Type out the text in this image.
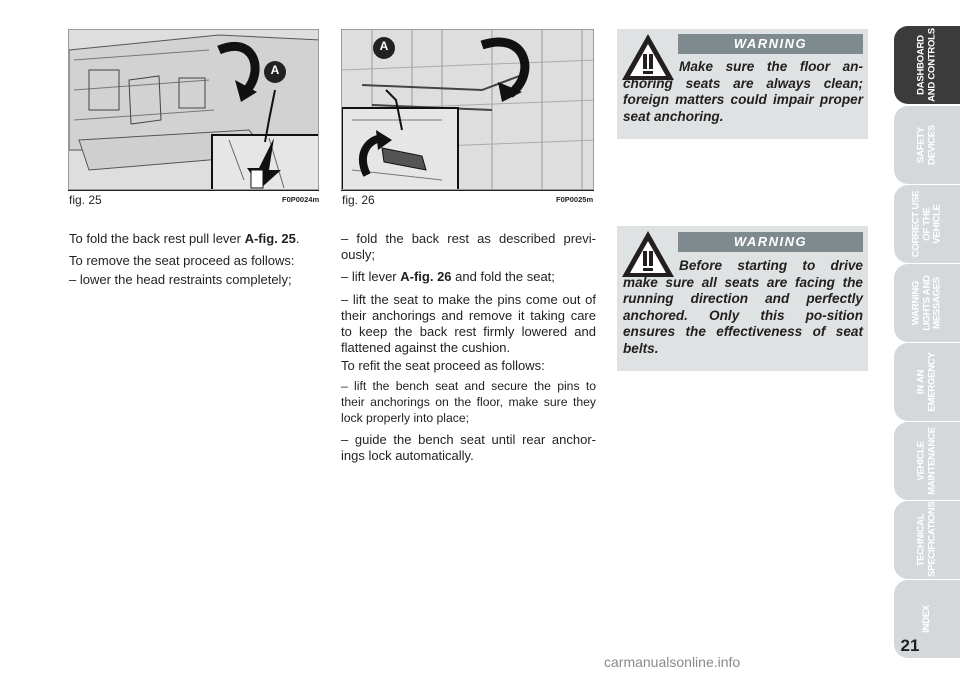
A
fig. 25	F0P0024m
A
fig. 26	F0P0025m

To fold the back rest pull lever A-fig. 25.

To remove the seat proceed as follows:

– lower the head restraints completely;

– fold the back rest as described previ-ously;

– lift lever A-fig. 26 and fold the seat;

– lift the seat to make the pins come out of their anchorings and remove it taking care to keep the back rest firmly lowered and flattened against the cushion.

To refit the seat proceed as follows:

– lift the bench seat and secure the pins to their anchorings on the floor, make sure they lock properly into place;

– guide the bench seat until rear anchor-ings lock automatically.

WARNING
Make sure the floor an-choring seats are always clean; foreign matters could impair proper seat anchoring.
WARNING
Before starting to drive make sure all seats are facing the running direction and perfectly anchored. Only this po-sition ensures the effectiveness of seat belts.
DASHBOARD
AND CONTROLS
SAFETY
DEVICES
CORRECT USE
OF THE VEHICLE
WARNING
LIGHTS AND
MESSAGES
IN AN
EMERGENCY
VEHICLE
MAINTENANCE
TECHNICAL
SPECIFICATIONS
INDEX
21
carmanualsonline.info
